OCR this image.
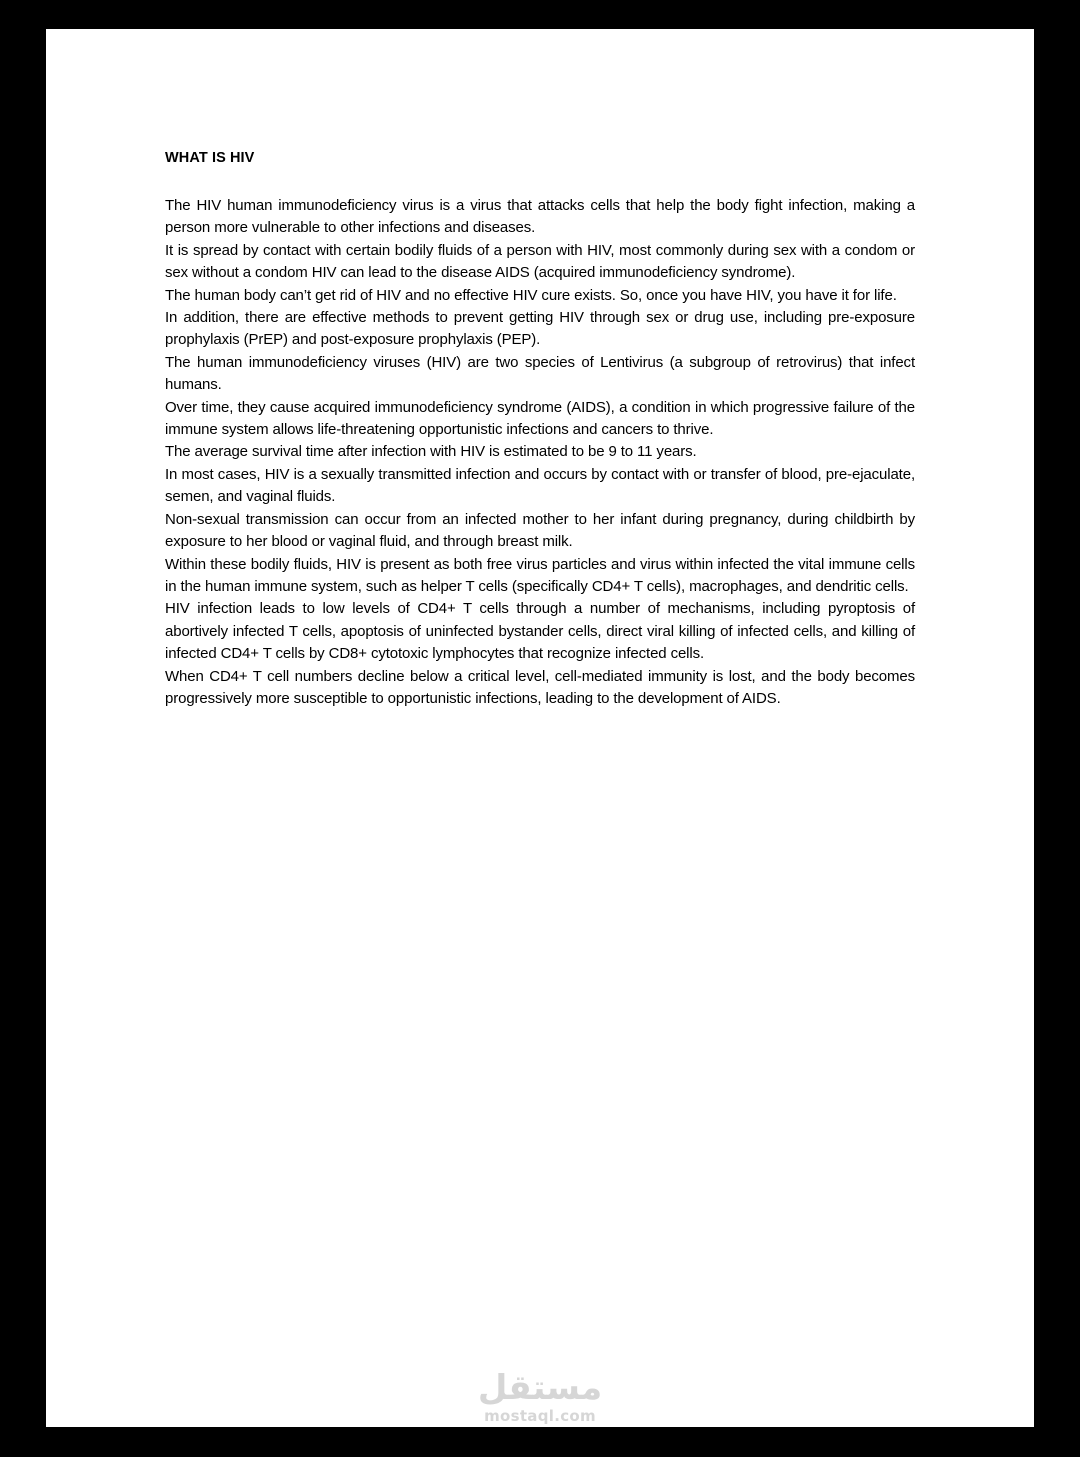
WHAT IS HIV

The HIV human immunodeficiency virus is a virus that attacks cells that help the body fight infection, making a person more vulnerable to other infections and diseases.

It is spread by contact with certain bodily fluids of a person with HIV, most commonly during sex with a condom or sex without a condom HIV can lead to the disease AIDS (acquired immunodeficiency syndrome).

The human body can’t get rid of HIV and no effective HIV cure exists. So, once you have HIV, you have it for life.

In addition, there are effective methods to prevent getting HIV through sex or drug use, including pre-exposure prophylaxis (PrEP) and post-exposure prophylaxis (PEP).

The human immunodeficiency viruses (HIV) are two species of Lentivirus (a subgroup of retrovirus) that infect humans.

Over time, they cause acquired immunodeficiency syndrome (AIDS), a condition in which progressive failure of the immune system allows life-threatening opportunistic infections and cancers to thrive.

The average survival time after infection with HIV is estimated to be 9 to 11 years.

In most cases, HIV is a sexually transmitted infection and occurs by contact with or transfer of blood, pre-ejaculate, semen, and vaginal fluids.

Non-sexual transmission can occur from an infected mother to her infant during pregnancy, during childbirth by exposure to her blood or vaginal fluid, and through breast milk.

Within these bodily fluids, HIV is present as both free virus particles and virus within infected the vital immune cells in the human immune system, such as helper T cells (specifically CD4+ T cells), macrophages, and dendritic cells.

HIV infection leads to low levels of CD4+ T cells through a number of mechanisms, including pyroptosis of abortively infected T cells, apoptosis of uninfected bystander cells, direct viral killing of infected cells, and killing of infected CD4+ T cells by CD8+ cytotoxic lymphocytes that recognize infected cells.

When CD4+ T cell numbers decline below a critical level, cell-mediated immunity is lost, and the body becomes progressively more susceptible to opportunistic infections, leading to the development of AIDS.

مستقل
mostaql.com
